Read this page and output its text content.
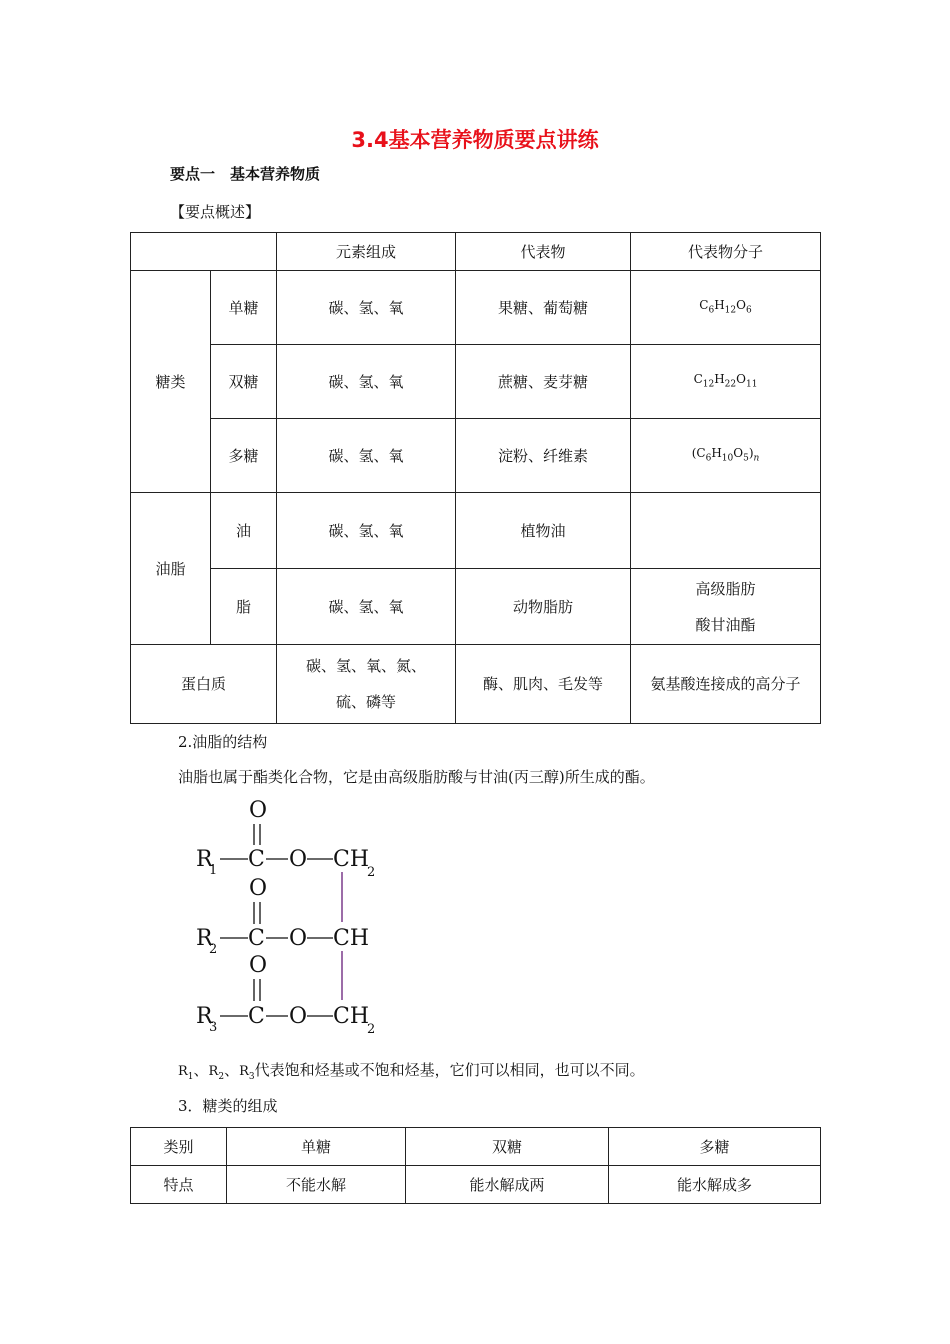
3.4基本营养物质要点讲练
要点一　基本营养物质
【要点概述】
		元素组成	代表物	代表物分子
糖类	单糖	碳、氢、氧	果糖、葡萄糖	$C_6H_{12}O_6$
	双糖	碳、氢、氧	蔗糖、麦芽糖	$C_{12}H_{22}O_{11}$
	多糖	碳、氢、氧	淀粉、纤维素	$(C_6H_{10}O_5)_n$
油脂	油	碳、氢、氧	植物油	
	脂	碳、氢、氧	动物脂肪	高级脂肪
酸甘油酯

蛋白质		碳、氢、氧、氮、
硫、磷等	酶、肌肉、毛发等	氨基酸连接成的高分子
2.油脂的结构
油脂也属于酯类化合物，它是由高级脂肪酸与甘油(丙三醇)所生成的酯。
O
R
1 C O CH
2
O
R
2 C O CH
O
R
3 C O CH
2
$R_1$、$R_2$、$R_3$代表饱和烃基或不饱和烃基，它们可以相同，也可以不同。
3．糖类的组成
类别	单糖	双糖	多糖
特点	不能水解	能水解成两	能水解成多
